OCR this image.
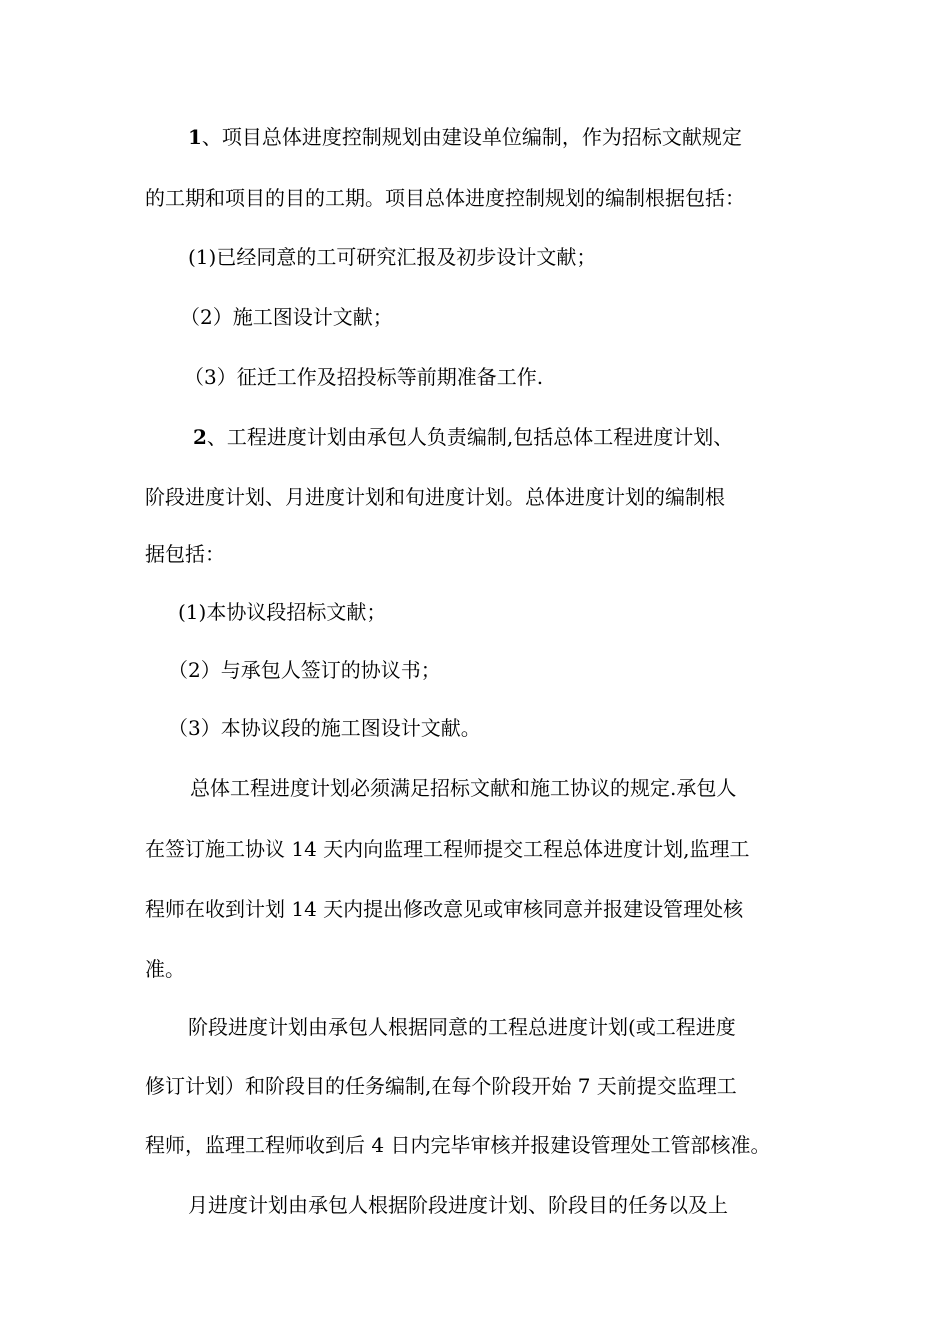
1、项目总体进度控制规划由建设单位编制，作为招标文献规定
的工期和项目的目的工期。项目总体进度控制规划的编制根据包括：
(1)已经同意的工可研究汇报及初步设计文献；
（2）施工图设计文献；
（3）征迁工作及招投标等前期准备工作.
2、工程进度计划由承包人负责编制,包括总体工程进度计划、
阶段进度计划、月进度计划和旬进度计划。总体进度计划的编制根
据包括：
(1)本协议段招标文献；
（2）与承包人签订的协议书；
（3）本协议段的施工图设计文献。
总体工程进度计划必须满足招标文献和施工协议的规定.承包人
在签订施工协议 14 天内向监理工程师提交工程总体进度计划,监理工
程师在收到计划 14 天内提出修改意见或审核同意并报建设管理处核
准。
阶段进度计划由承包人根据同意的工程总进度计划(或工程进度
修订计划）和阶段目的任务编制,在每个阶段开始 7 天前提交监理工
程师，监理工程师收到后 4 日内完毕审核并报建设管理处工管部核准。
月进度计划由承包人根据阶段进度计划、阶段目的任务以及上
